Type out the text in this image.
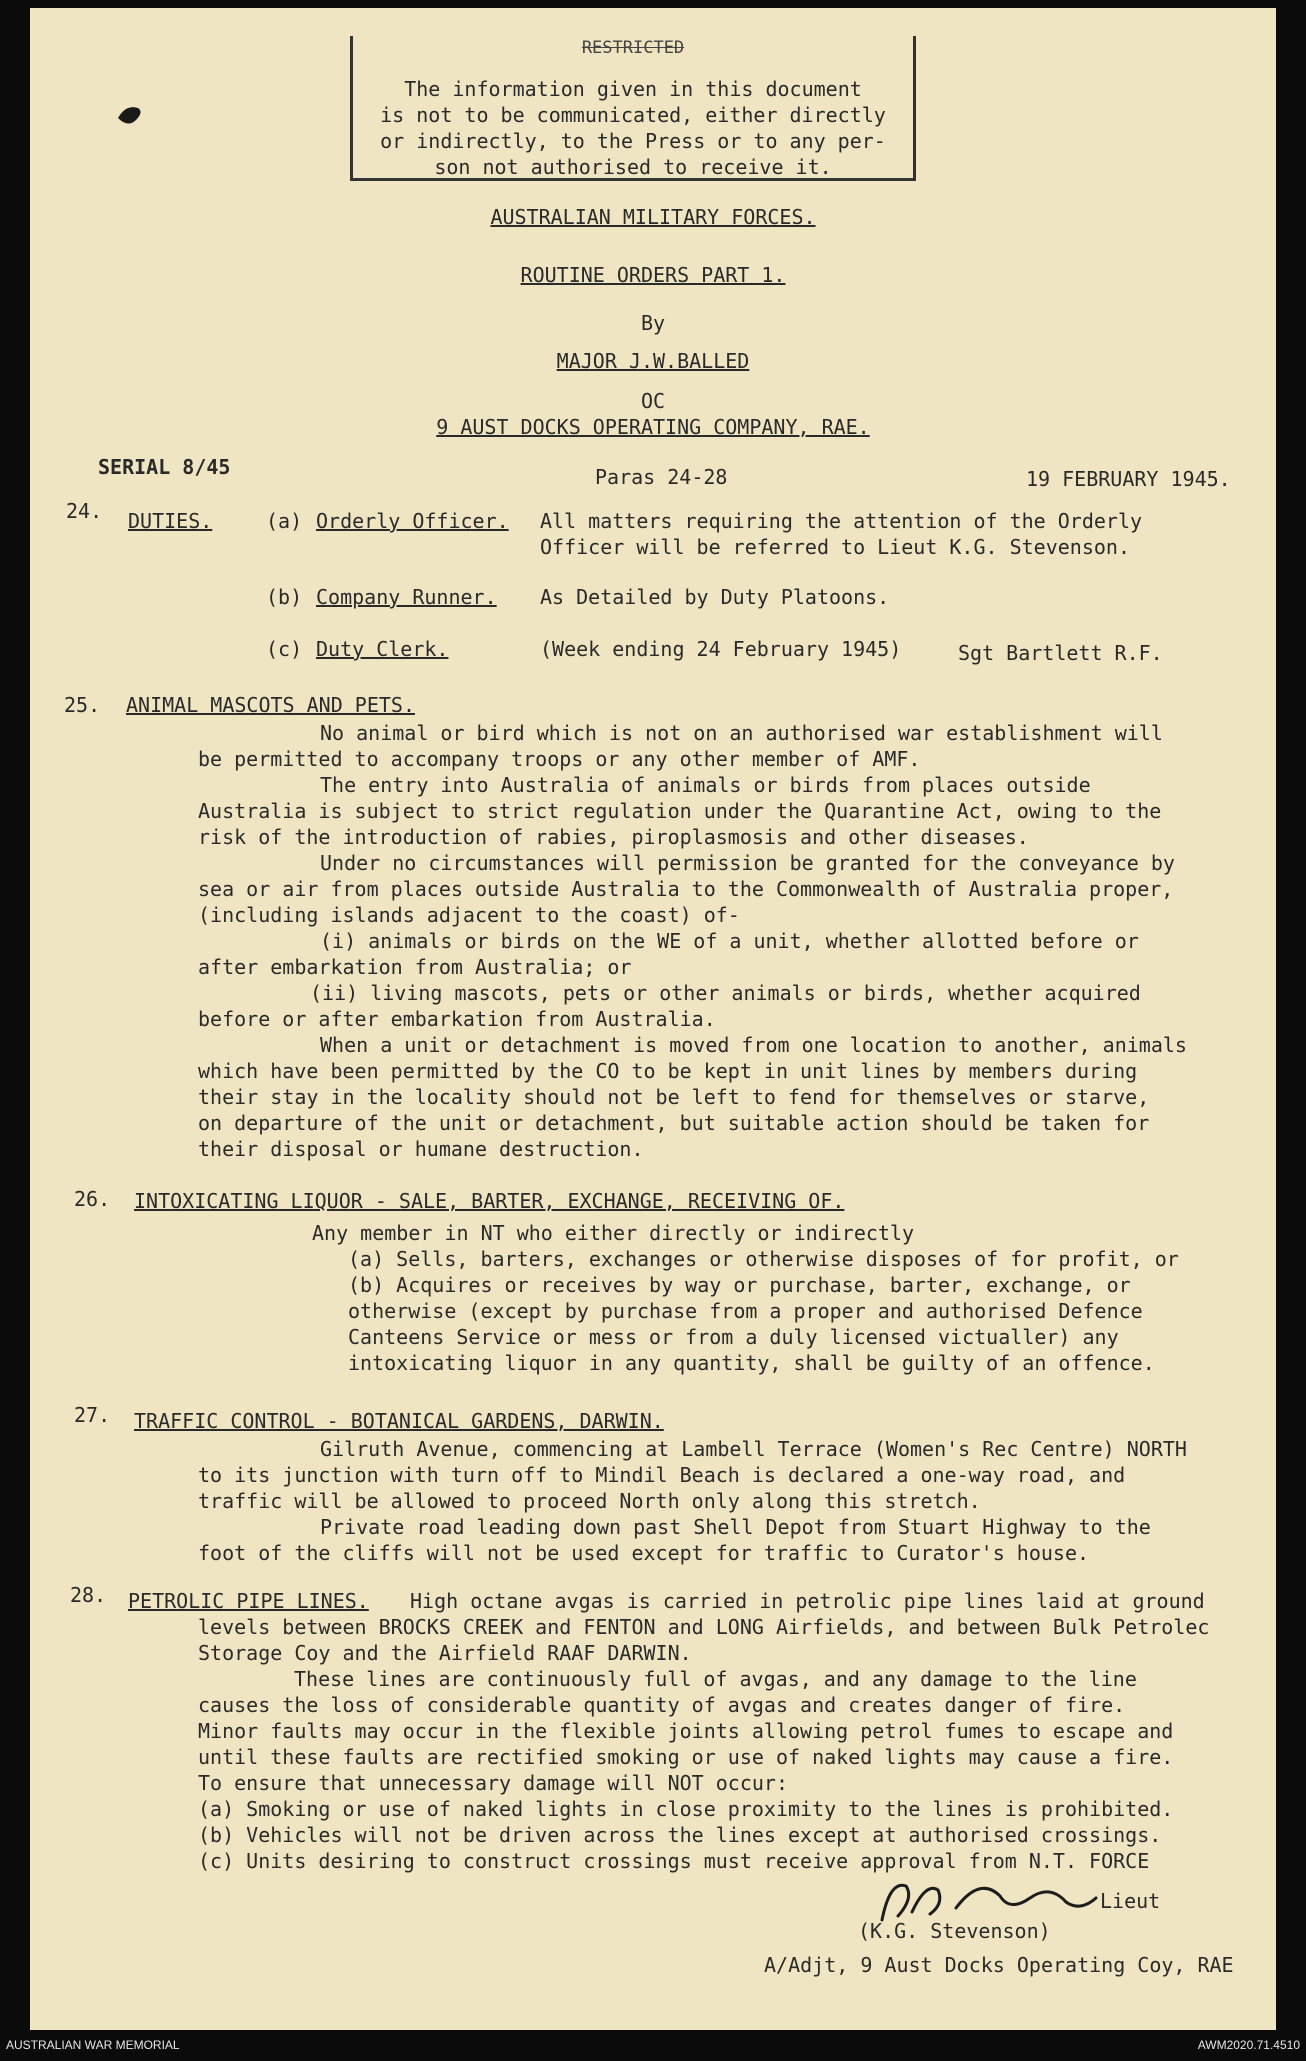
RESTRICTED
The information given in this document
is not to be communicated, either directly
or indirectly, to the Press or to any per-
son not authorised to receive it.
AUSTRALIAN MILITARY FORCES.
ROUTINE ORDERS PART 1.
By
MAJOR J.W.BALLED
OC
9 AUST DOCKS OPERATING COMPANY, RAE.
SERIAL 8/45	Paras 24-28	19 FEBRUARY 1945.
24. DUTIES.	(a) Orderly Officer. All matters requiring the attention of the Orderly
Officer will be referred to Lieut K.G. Stevenson.
(b) Company Runner. As Detailed by Duty Platoons.
(c) Duty Clerk.	(Week ending 24 February 1945)	Sgt Bartlett R.F.
25. ANIMAL MASCOTS AND PETS.
No animal or bird which is not on an authorised war establishment will
be permitted to accompany troops or any other member of AMF.
The entry into Australia of animals or birds from places outside
Australia is subject to strict regulation under the Quarantine Act, owing to the
risk of the introduction of rabies, piroplasmosis and other diseases.
Under no circumstances will permission be granted for the conveyance by
sea or air from places outside Australia to the Commonwealth of Australia proper,
(including islands adjacent to the coast) of-
(i) animals or birds on the WE of a unit, whether allotted before or
after embarkation from Australia; or
(ii) living mascots, pets or other animals or birds, whether acquired
before or after embarkation from Australia.
When a unit or detachment is moved from one location to another, animals
which have been permitted by the CO to be kept in unit lines by members during
their stay in the locality should not be left to fend for themselves or starve,
on departure of the unit or detachment, but suitable action should be taken for
their disposal or humane destruction.
26. INTOXICATING LIQUOR - SALE, BARTER, EXCHANGE, RECEIVING OF.
Any member in NT who either directly or indirectly
(a) Sells, barters, exchanges or otherwise disposes of for profit, or
(b) Acquires or receives by way or purchase, barter, exchange, or
otherwise (except by purchase from a proper and authorised Defence
Canteens Service or mess or from a duly licensed victualler) any
intoxicating liquor in any quantity, shall be guilty of an offence.
27. TRAFFIC CONTROL - BOTANICAL GARDENS, DARWIN.
Gilruth Avenue, commencing at Lambell Terrace (Women's Rec Centre) NORTH
to its junction with turn off to Mindil Beach is declared a one-way road, and
traffic will be allowed to proceed North only along this stretch.
Private road leading down past Shell Depot from Stuart Highway to the
foot of the cliffs will not be used except for traffic to Curator's house.
28. PETROLIC PIPE LINES. High octane avgas is carried in petrolic pipe lines laid at ground
levels between BROCKS CREEK and FENTON and LONG Airfields, and between Bulk Petrolec
Storage Coy and the Airfield RAAF DARWIN.
These lines are continuously full of avgas, and any damage to the line
causes the loss of considerable quantity of avgas and creates danger of fire.
Minor faults may occur in the flexible joints allowing petrol fumes to escape and
until these faults are rectified smoking or use of naked lights may cause a fire.
To ensure that unnecessary damage will NOT occur:
(a) Smoking or use of naked lights in close proximity to the lines is prohibited.
(b) Vehicles will not be driven across the lines except at authorised crossings.
(c) Units desiring to construct crossings must receive approval from N.T. FORCE
Lieut
(K.G. Stevenson)
A/Adjt, 9 Aust Docks Operating Coy, RAE
AUSTRALIAN WAR MEMORIAL	AWM2020.71.4510
